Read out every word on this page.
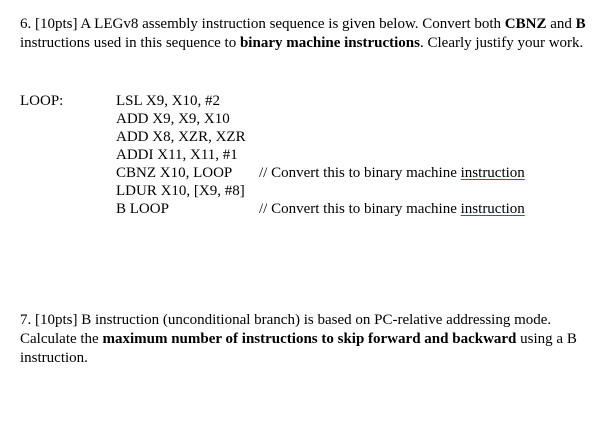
6. [10pts] A LEGv8 assembly instruction sequence is given below. Convert both CBNZ and B instructions used in this sequence to binary machine instructions. Clearly justify your work.

LOOP:	LSL X9, X10, #2
ADD X9, X9, X10
ADD X8, XZR, XZR
ADDI X11, X11, #1
CBNZ X10, LOOP
LDUR X10, [X9, #8]
B LOOP
// Convert this to binary machine instruction
// Convert this to binary machine instruction

7. [10pts] B instruction (unconditional branch) is based on PC-relative addressing mode. Calculate the maximum number of instructions to skip forward and backward using a B instruction.
